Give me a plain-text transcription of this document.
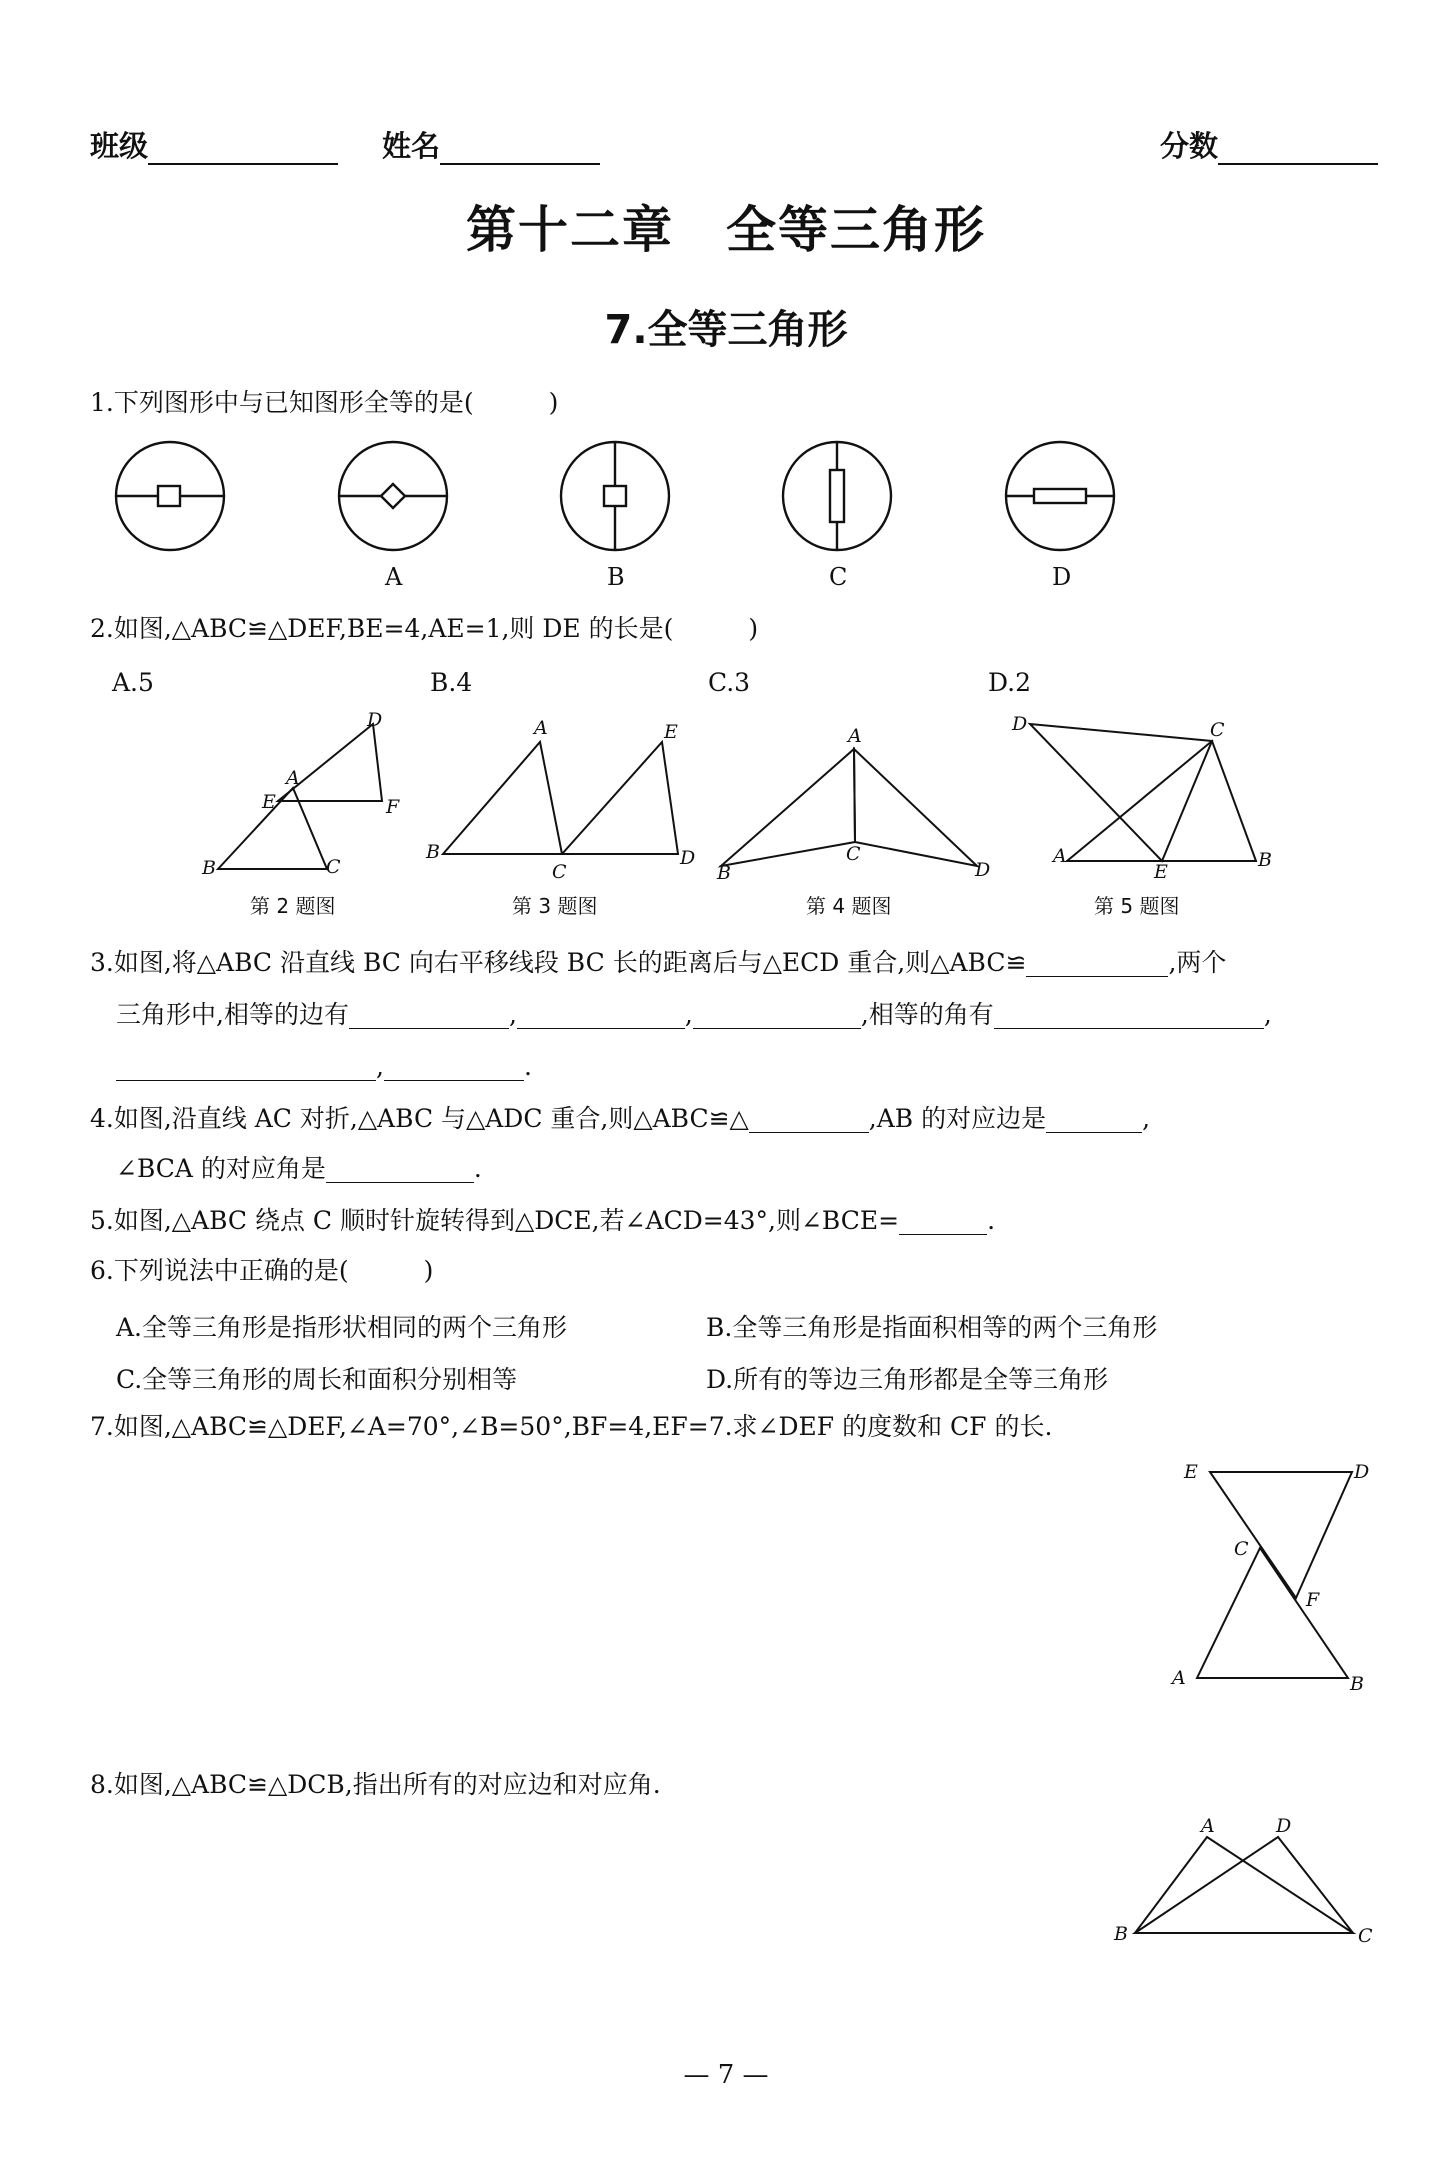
班级	姓名	分数
第十二章　全等三角形
7.全等三角形
1.下列图形中与已知图形全等的是(　　　)
A	B	C	D
2.如图,△ABC≌△DEF,BE=4,AE=1,则 DE 的长是(　　　)
A.5	B.4	C.3	D.2
D
A
E	F
B	C
A	E
B
C
D
A
C
B	D
D	C
A
E
B
第 2 题图	第 3 题图	第 4 题图	第 5 题图
3.如图,将△ABC 沿直线 BC 向右平移线段 BC 长的距离后与△ECD 重合,则△ABC≌	,两个
三角形中,相等的边有	,	,	,相等的角有	,
,	.
4.如图,沿直线 AC 对折,△ABC 与△ADC 重合,则△ABC≌△	,AB 的对应边是	,
∠BCA 的对应角是	.
5.如图,△ABC 绕点 C 顺时针旋转得到△DCE,若∠ACD=43°,则∠BCE=	.
6.下列说法中正确的是(　　　)
A.全等三角形是指形状相同的两个三角形	B.全等三角形是指面积相等的两个三角形
C.全等三角形的周长和面积分别相等	D.所有的等边三角形都是全等三角形
7.如图,△ABC≌△DEF,∠A=70°,∠B=50°,BF=4,EF=7.求∠DEF 的度数和 CF 的长.
E	D
C
F
A	B
8.如图,△ABC≌△DCB,指出所有的对应边和对应角.
A	D
B	C
— 7 —
